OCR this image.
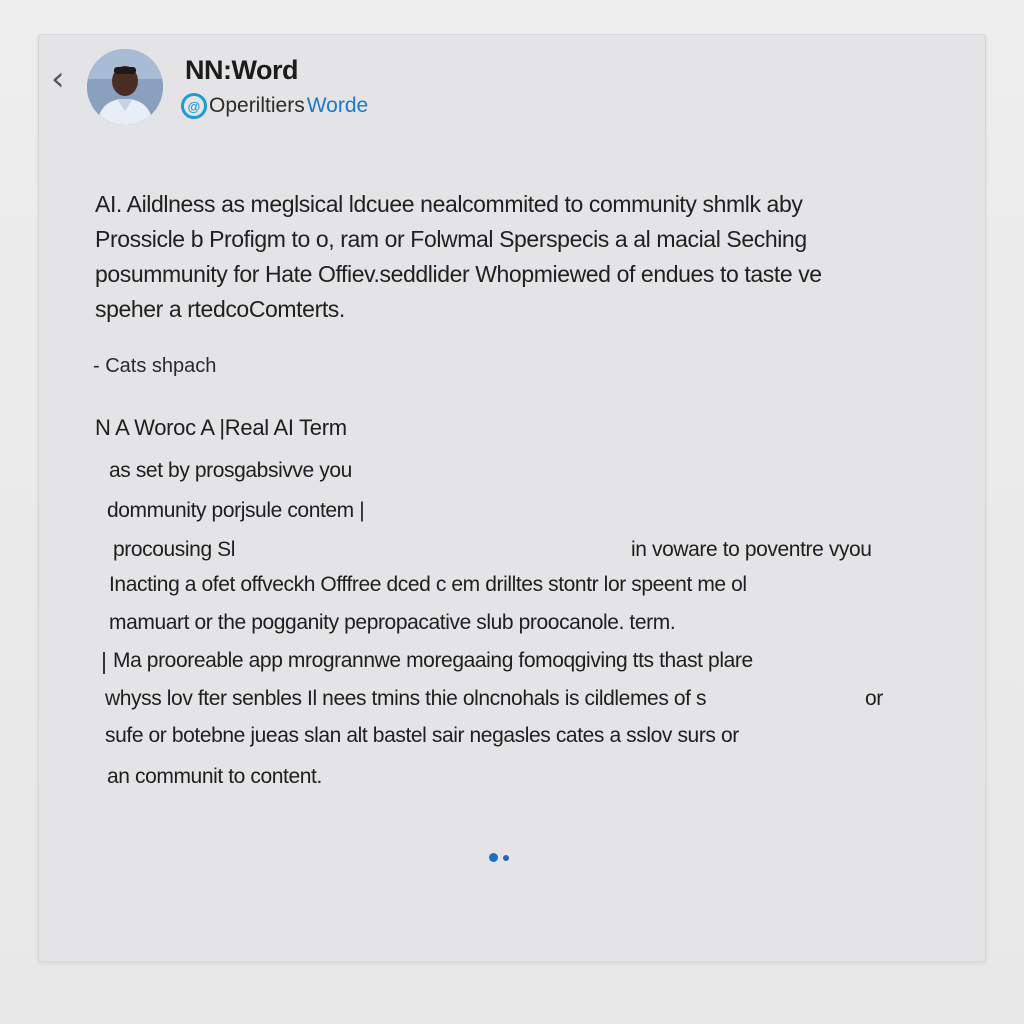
‹	NN:Word
@ Operiltiers Worde
AI. Aildlness as meglsical ldcuee nealcommited to community shmlk aby
Prossicle b Profigm to o, ram or Folwmal Sperspecis a al macial Seching
posummunity for Hate Offiev.seddlider Whopmiewed of endues to taste ve
speher a rtedcoComterts.
- Cats shpach
N A Woroc A |Real AI Term
as set by prosgabsivve you
dommunity porjsule contem |
procousing Sl	in voware to poventre vyou
Inacting a ofet offveckh Offfree dced c em drilltes stontr lor speent me ol
mamuart or the pogganity pepropacative slub proocanole. term.
Ma prooreable app mrogrannwe moregaaing fomoqgiving tts thast plare
whyss lov fter senbles Il nees tmins thie olncnohals is cildlemes of s	or
sufe or botebne jueas slan alt bastel sair negasles cates a sslov surs or
an communit to content.
